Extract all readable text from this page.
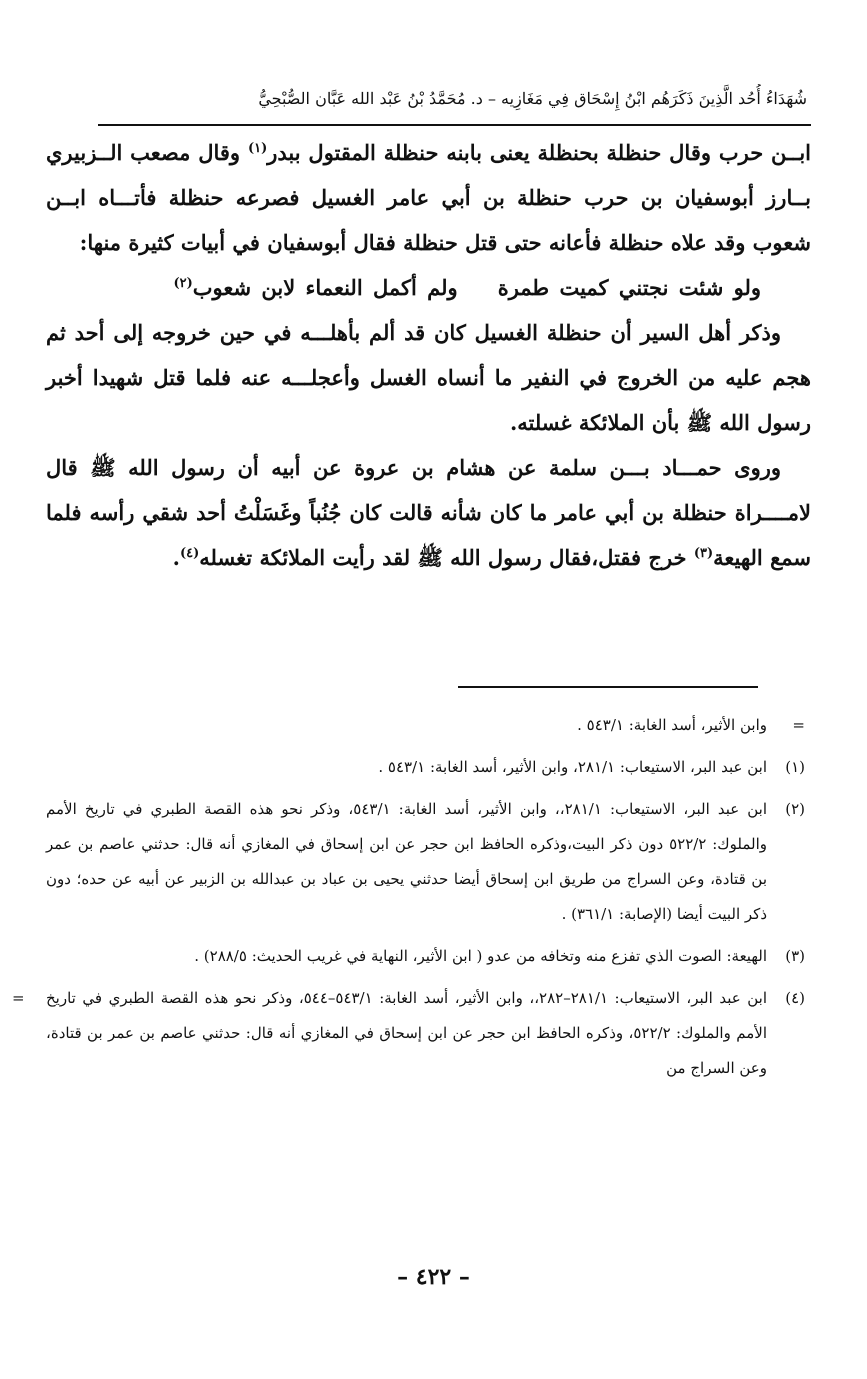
شُهَدَاءُ أُحُد الَّذِينَ ذَكَرَهُم ابْنُ إِسْحَاق فِي مَغَازِيه – د. مُحَمَّدُ بْنُ عَبْد الله عَبَّان الصُّبْحِيُّ

ابــن حرب وقال حنظلة بحنظلة يعنى بابنه حنظلة المقتول ببدر$^{(١)}$ وقال مصعب الــزبيري بــارز أبوسفيان بن حرب حنظلة بن أبي عامر الغسيل فصرعه حنظلة فأتـــاه ابــن شعوب وقد علاه حنظلة فأعانه حتى قتل حنظلة فقال أبوسفيان في أبيات كثيرة منها:

ولو شئت نجتني كميت طمرةولم أكمل النعماء لابن شعوب$^{(٢)}$

وذكر أهل السير أن حنظلة الغسيل كان قد ألم بأهلـــه في حين خروجه إلى أحد ثم هجم عليه من الخروج في النفير ما أنساه الغسل وأعجلـــه عنه فلما قتل شهيدا أخبر رسول الله ﷺ بأن الملائكة غسلته.

وروى حمـــاد بـــن سلمة عن هشام بن عروة عن أبيه أن رسول الله ﷺ قال لامــــراة حنظلة بن أبي عامر ما كان شأنه قالت كان جُنُباً وغَسَلْتُ أحد شقي رأسه فلما سمع الهيعة$^{(٣)}$ خرج فقتل،فقال رسول الله ﷺ لقد رأيت الملائكة تغسله$^{(٤)}$.

=
وابن الأثير، أسد الغابة: ٥٤٣/١ .
(١)
ابن عبد البر، الاستيعاب: ٢٨١/١، وابن الأثير، أسد الغابة: ٥٤٣/١ .
(٢)
ابن عبد البر، الاستيعاب: ٢٨١/١،، وابن الأثير، أسد الغابة: ٥٤٣/١، وذكر نحو هذه القصة الطبري في تاريخ الأمم والملوك: ٥٢٢/٢ دون ذكر البيت،وذكره الحافظ ابن حجر عن ابن إسحاق في المغازي أنه قال: حدثني عاصم بن عمر بن قتادة، وعن السراج من طريق ابن إسحاق أيضا حدثني يحيى بن عباد بن عبدالله بن الزبير عن أبيه عن حده؛ دون ذكر البيت أيضا (الإصابة: ٣٦١/١) .
(٣)
الهيعة: الصوت الذي تفزع منه وتخافه من عدو ( ابن الأثير، النهاية في غريب الحديث: ٢٨٨/٥) .
(٤)
ابن عبد البر، الاستيعاب: ٢٨١/١–٢٨٢،، وابن الأثير، أسد الغابة: ٥٤٣/١–٥٤٤، وذكر نحو هذه القصة الطبري في تاريخ الأمم والملوك: ٥٢٢/٢، وذكره الحافظ ابن حجر عن ابن إسحاق في المغازي أنه قال: حدثني عاصم بن عمر بن قتادة، وعن السراج من
=
– ٤٢٢ –
